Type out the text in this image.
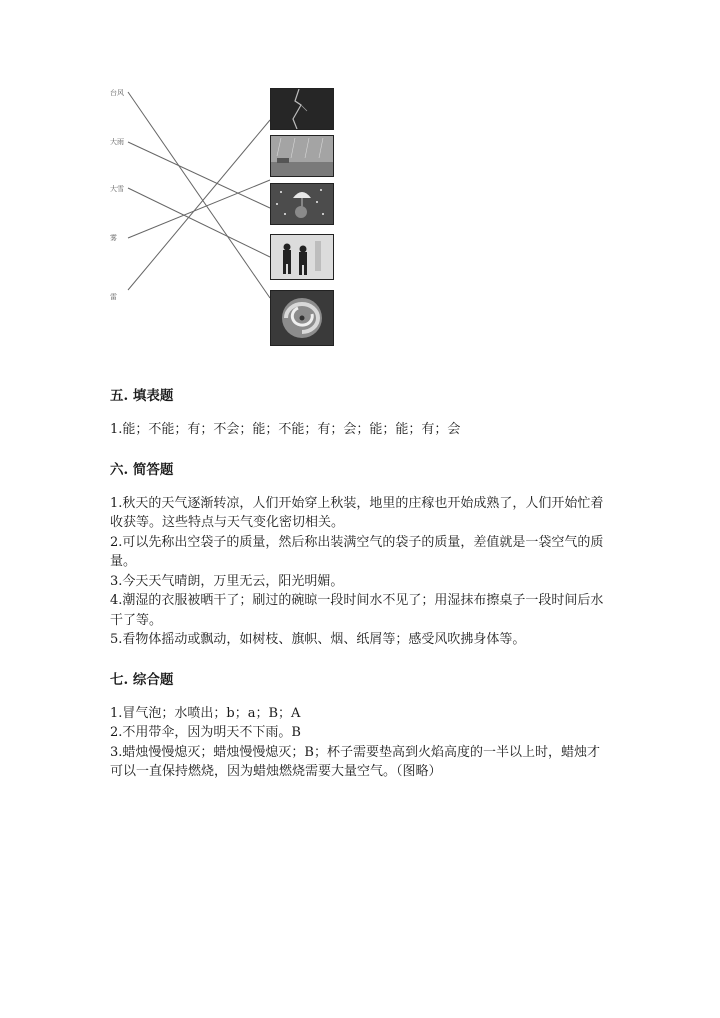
台风
大雨
大雪
雾
雷

五. 填表题

1.能；不能；有；不会；能；不能；有；会；能；能；有；会

六. 简答题

1.秋天的天气逐渐转凉，人们开始穿上秋装，地里的庄稼也开始成熟了，人们开始忙着收获等。这些特点与天气变化密切相关。

2.可以先称出空袋子的质量，然后称出装满空气的袋子的质量，差值就是一袋空气的质量。

3.今天天气晴朗，万里无云，阳光明媚。

4.潮湿的衣服被晒干了；刷过的碗晾一段时间水不见了；用湿抹布擦桌子一段时间后水干了等。

5.看物体摇动或飘动，如树枝、旗帜、烟、纸屑等；感受风吹拂身体等。

七. 综合题

1.冒气泡；水喷出；b；a；B；A

2.不用带伞，因为明天不下雨。B

3.蜡烛慢慢熄灭；蜡烛慢慢熄灭；B；杯子需要垫高到火焰高度的一半以上时，蜡烛才可以一直保持燃烧，因为蜡烛燃烧需要大量空气。（图略）
